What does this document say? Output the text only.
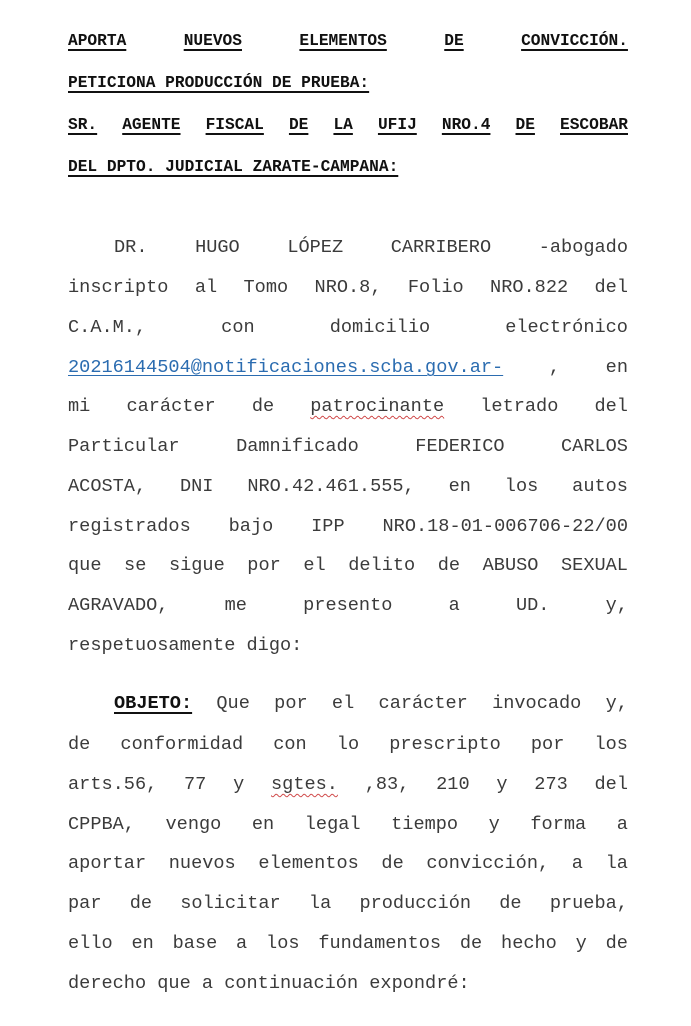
APORTA	NUEVOS	ELEMENTOS	DE	CONVICCIÓN.
PETICIONA PRODUCCIÓN DE PRUEBA:
SR. AGENTE FISCAL DE LA UFIJ NRO.4 DE ESCOBAR
DEL DPTO. JUDICIAL ZARATE-CAMPANA:
DR.	HUGO	LÓPEZ	CARRIBERO	-abogado
inscripto al Tomo NRO.8, Folio NRO.822 del
C.A.M.,	con	domicilio	electrónico
20216144504@notificaciones.scba.gov.ar- , en
mi carácter de patrocinante letrado del
Particular	Damnificado	FEDERICO	CARLOS
ACOSTA, DNI NRO.42.461.555, en los autos
registrados bajo IPP NRO.18-01-006706-22/00
que se sigue por el delito de ABUSO SEXUAL
AGRAVADO,	me	presento	a	UD.	y,
respetuosamente digo:
OBJETO: Que por el carácter invocado y,
de conformidad con lo prescripto por los
arts.56, 77 y sgtes. ,83, 210 y 273 del
CPPBA, vengo en legal tiempo y forma a
aportar nuevos elementos de convicción, a la
par de solicitar la producción de prueba,
ello en base a los fundamentos de hecho y de
derecho que a continuación expondré:
